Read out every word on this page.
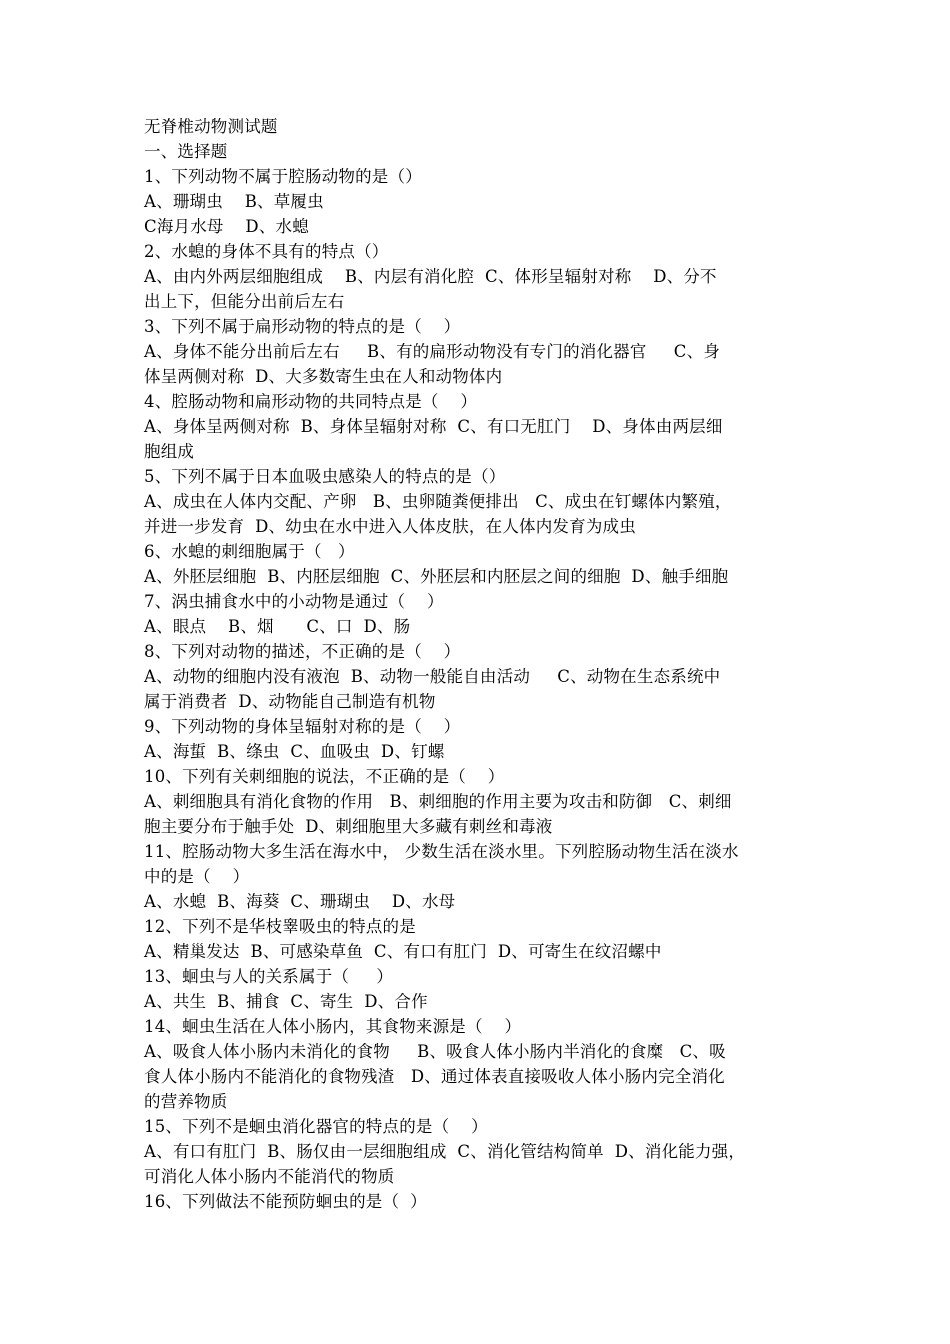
无脊椎动物测试题
一、选择题
1、下列动物不属于腔肠动物的是（）
A、珊瑚虫    B、草履虫
C海月水母    D、水螅
2、水螅的身体不具有的特点（）
A、由内外两层细胞组成    B、内层有消化腔  C、体形呈辐射对称    D、分不
出上下，但能分出前后左右
3、下列不属于扁形动物的特点的是（    ）
A、身体不能分出前后左右     B、有的扁形动物没有专门的消化器官     C、身
体呈两侧对称  D、大多数寄生虫在人和动物体内
4、腔肠动物和扁形动物的共同特点是（    ）
A、身体呈两侧对称  B、身体呈辐射对称  C、有口无肛门    D、身体由两层细
胞组成
5、下列不属于日本血吸虫感染人的特点的是（）
A、成虫在人体内交配、产卵   B、虫卵随粪便排出   C、成虫在钉螺体内繁殖，
并进一步发育  D、幼虫在水中进入人体皮肤，在人体内发育为成虫
6、水螅的刺细胞属于（   ）
A、外胚层细胞  B、内胚层细胞  C、外胚层和内胚层之间的细胞  D、触手细胞
7、涡虫捕食水中的小动物是通过（    ）
A、眼点    B、烟      C、口  D、肠
8、下列对动物的描述，不正确的是（    ）
A、动物的细胞内没有液泡  B、动物一般能自由活动     C、动物在生态系统中
属于消费者  D、动物能自己制造有机物
9、下列动物的身体呈辐射对称的是（    ）
A、海蜇  B、绦虫  C、血吸虫  D、钉螺
10、下列有关刺细胞的说法，不正确的是（    ）
A、刺细胞具有消化食物的作用   B、刺细胞的作用主要为攻击和防御   C、刺细
胞主要分布于触手处  D、刺细胞里大多藏有刺丝和毒液
11、腔肠动物大多生活在海水中， 少数生活在淡水里。下列腔肠动物生活在淡水
中的是（    ）
A、水螅  B、海葵  C、珊瑚虫    D、水母
12、下列不是华枝睾吸虫的特点的是
A、精巢发达  B、可感染草鱼  C、有口有肛门  D、可寄生在纹沼螺中
13、蛔虫与人的关系属于（     ）
A、共生  B、捕食  C、寄生  D、合作
14、蛔虫生活在人体小肠内，其食物来源是（    ）
A、吸食人体小肠内未消化的食物     B、吸食人体小肠内半消化的食糜   C、吸
食人体小肠内不能消化的食物残渣   D、通过体表直接吸收人体小肠内完全消化
的营养物质
15、下列不是蛔虫消化器官的特点的是（    ）
A、有口有肛门  B、肠仅由一层细胞组成  C、消化管结构简单  D、消化能力强，
可消化人体小肠内不能消代的物质
16、下列做法不能预防蛔虫的是（  ）
